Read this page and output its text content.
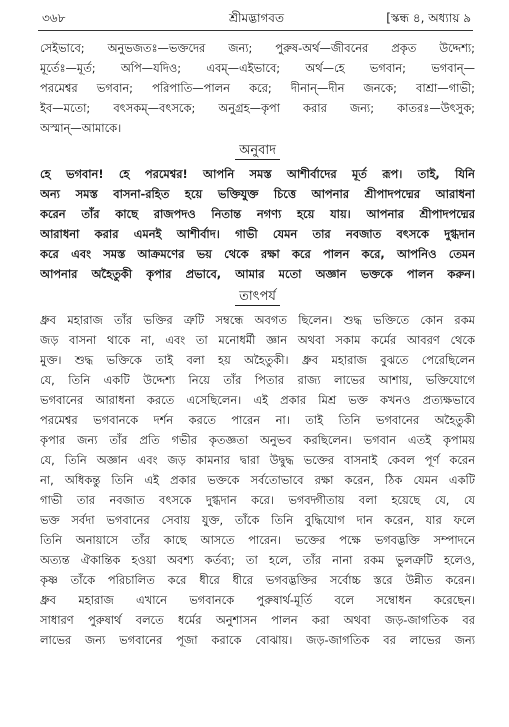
৩৬৮	শ্রীমদ্ভাগবত	[স্কন্ধ ৪, অধ্যায় ৯
সেইভাবে; অনুভজতঃ—ভক্তদের জন্য; পুরুষ-অর্থ—জীবনের প্রকৃত উদ্দেশ্য;
মূর্তেঃ—মূর্ত; অপি—যদিও; এবম্—এইভাবে; অর্থ—হে ভগবান; ভগবান্—
পরমেশ্বর ভগবান; পরিপাতি—পালন করে; দীনান্—দীন জনকে; বাশ্রা—গাভী;
ইব—মতো; বৎসকম্—বৎসকে; অনুগ্রহ—কৃপা করার জন্য; কাতরঃ—উৎসুক;
অস্মান্—আমাকে।
অনুবাদ
হে ভগবান! হে পরমেশ্বর! আপনি সমস্ত আশীর্বাদের মূর্ত রূপ। তাই, যিনি
অন্য সমস্ত বাসনা-রহিত হয়ে ভক্তিযুক্ত চিত্তে আপনার শ্রীপাদপদ্মের আরাধনা
করেন তাঁর কাছে রাজপদও নিতান্ত নগণ্য হয়ে যায়। আপনার শ্রীপাদপদ্মের
আরাধনা করার এমনই আশীর্বাদ। গাভী যেমন তার নবজাত বৎসকে দুগ্ধদান
করে এবং সমস্ত আক্রমণের ভয় থেকে রক্ষা করে পালন করে, আপনিও তেমন
আপনার অহৈতুকী কৃপার প্রভাবে, আমার মতো অজ্ঞান ভক্তকে পালন করুন।
তাৎপর্য
ধ্রুব মহারাজ তাঁর ভক্তির ত্রুটি সম্বন্ধে অবগত ছিলেন। শুদ্ধ ভক্তিতে কোন রকম
জড় বাসনা থাকে না, এবং তা মনোধর্মী জ্ঞান অথবা সকাম কর্মের আবরণ থেকে
মুক্ত। শুদ্ধ ভক্তিকে তাই বলা হয় অহৈতুকী। ধ্রুব মহারাজ বুঝতে পেরেছিলেন
যে, তিনি একটি উদ্দেশ্য নিয়ে তাঁর পিতার রাজ্য লাভের আশায়, ভক্তিযোগে
ভগবানের আরাধনা করতে এসেছিলেন। এই প্রকার মিশ্র ভক্ত কখনও প্রত্যক্ষভাবে
পরমেশ্বর ভগবানকে দর্শন করতে পারেন না। তাই তিনি ভগবানের অহৈতুকী
কৃপার জন্য তাঁর প্রতি গভীর কৃতজ্ঞতা অনুভব করছিলেন। ভগবান এতই কৃপাময়
যে, তিনি অজ্ঞান এবং জড় কামনার দ্বারা উদ্বুদ্ধ ভক্তের বাসনাই কেবল পূর্ণ করেন
না, অধিকন্তু তিনি এই প্রকার ভক্তকে সর্বতোভাবে রক্ষা করেন, ঠিক যেমন একটি
গাভী তার নবজাত বৎসকে দুগ্ধদান করে। ভগবদ্গীতায় বলা হয়েছে যে, যে
ভক্ত সর্বদা ভগবানের সেবায় যুক্ত, তাঁকে তিনি বুদ্ধিযোগ দান করেন, যার ফলে
তিনি অনায়াসে তাঁর কাছে আসতে পারেন। ভক্তের পক্ষে ভগবদ্ভক্তি সম্পাদনে
অত্যন্ত ঐকান্তিক হওয়া অবশ্য কর্তব্য; তা হলে, তাঁর নানা রকম ভুলত্রুটি হলেও,
কৃষ্ণ তাঁকে পরিচালিত করে ধীরে ধীরে ভগবদ্ভক্তির সর্বোচ্চ স্তরে উন্নীত করেন।
ধ্রুব মহারাজ এখানে ভগবানকে পুরুষার্থ-মূর্তি বলে সম্বোধন করেছেন।
সাধারণ পুরুষার্থ বলতে ধর্মের অনুশাসন পালন করা অথবা জড়-জাগতিক বর
লাভের জন্য ভগবানের পূজা করাকে বোঝায়। জড়-জাগতিক বর লাভের জন্য
